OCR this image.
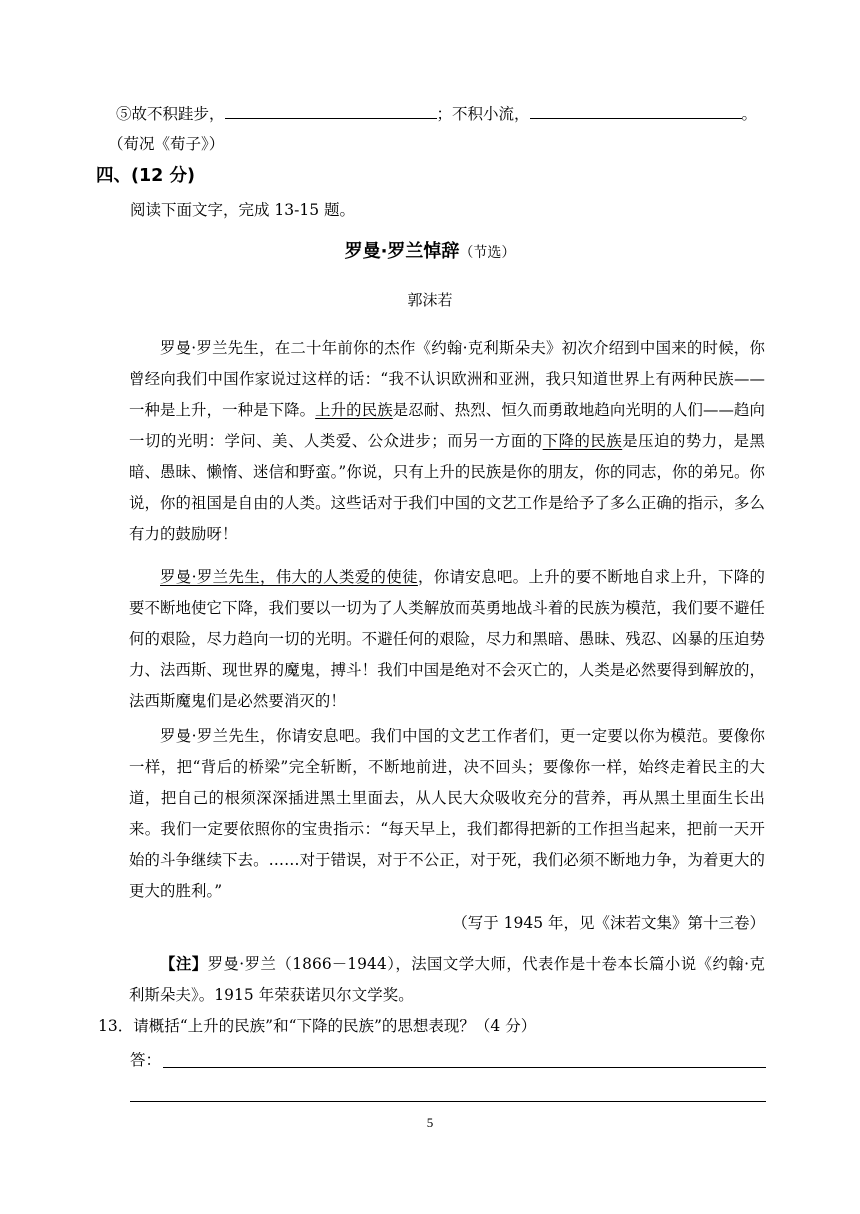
⑤故不积跬步，	；不积小流，	。
（荀况《荀子》）
四、(12 分)
阅读下面文字，完成 13-15 题。
罗曼·罗兰悼辞（节选）
郭沫若
罗曼·罗兰先生，在二十年前你的杰作《约翰·克利斯朵夫》初次介绍到中国来的时候，你曾经向我们中国作家说过这样的话：“我不认识欧洲和亚洲，我只知道世界上有两种民族——一种是上升，一种是下降。上升的民族是忍耐、热烈、恒久而勇敢地趋向光明的人们——趋向一切的光明：学问、美、人类爱、公众进步；而另一方面的下降的民族是压迫的势力，是黑暗、愚昧、懒惰、迷信和野蛮。”你说，只有上升的民族是你的朋友，你的同志，你的弟兄。你说，你的祖国是自由的人类。这些话对于我们中国的文艺工作是给予了多么正确的指示，多么有力的鼓励呀！
罗曼·罗兰先生，伟大的人类爱的使徒，你请安息吧。上升的要不断地自求上升，下降的要不断地使它下降，我们要以一切为了人类解放而英勇地战斗着的民族为模范，我们要不避任何的艰险，尽力趋向一切的光明。不避任何的艰险，尽力和黑暗、愚昧、残忍、凶暴的压迫势力、法西斯、现世界的魔鬼，搏斗！我们中国是绝对不会灭亡的，人类是必然要得到解放的，法西斯魔鬼们是必然要消灭的！
罗曼·罗兰先生，你请安息吧。我们中国的文艺工作者们，更一定要以你为模范。要像你一样，把“背后的桥梁”完全斩断，不断地前进，决不回头；要像你一样，始终走着民主的大道，把自己的根须深深插进黑土里面去，从人民大众吸收充分的营养，再从黑土里面生长出来。我们一定要依照你的宝贵指示：“每天早上，我们都得把新的工作担当起来，把前一天开始的斗争继续下去。……对于错误，对于不公正，对于死，我们必须不断地力争，为着更大的更大的胜利。”
（写于 1945 年，见《沫若文集》第十三卷）
【注】罗曼·罗兰（1866－1944），法国文学大师，代表作是十卷本长篇小说《约翰·克利斯朵夫》。1915 年荣获诺贝尔文学奖。
13．请概括“上升的民族”和“下降的民族”的思想表现？（4 分）
答：
5
